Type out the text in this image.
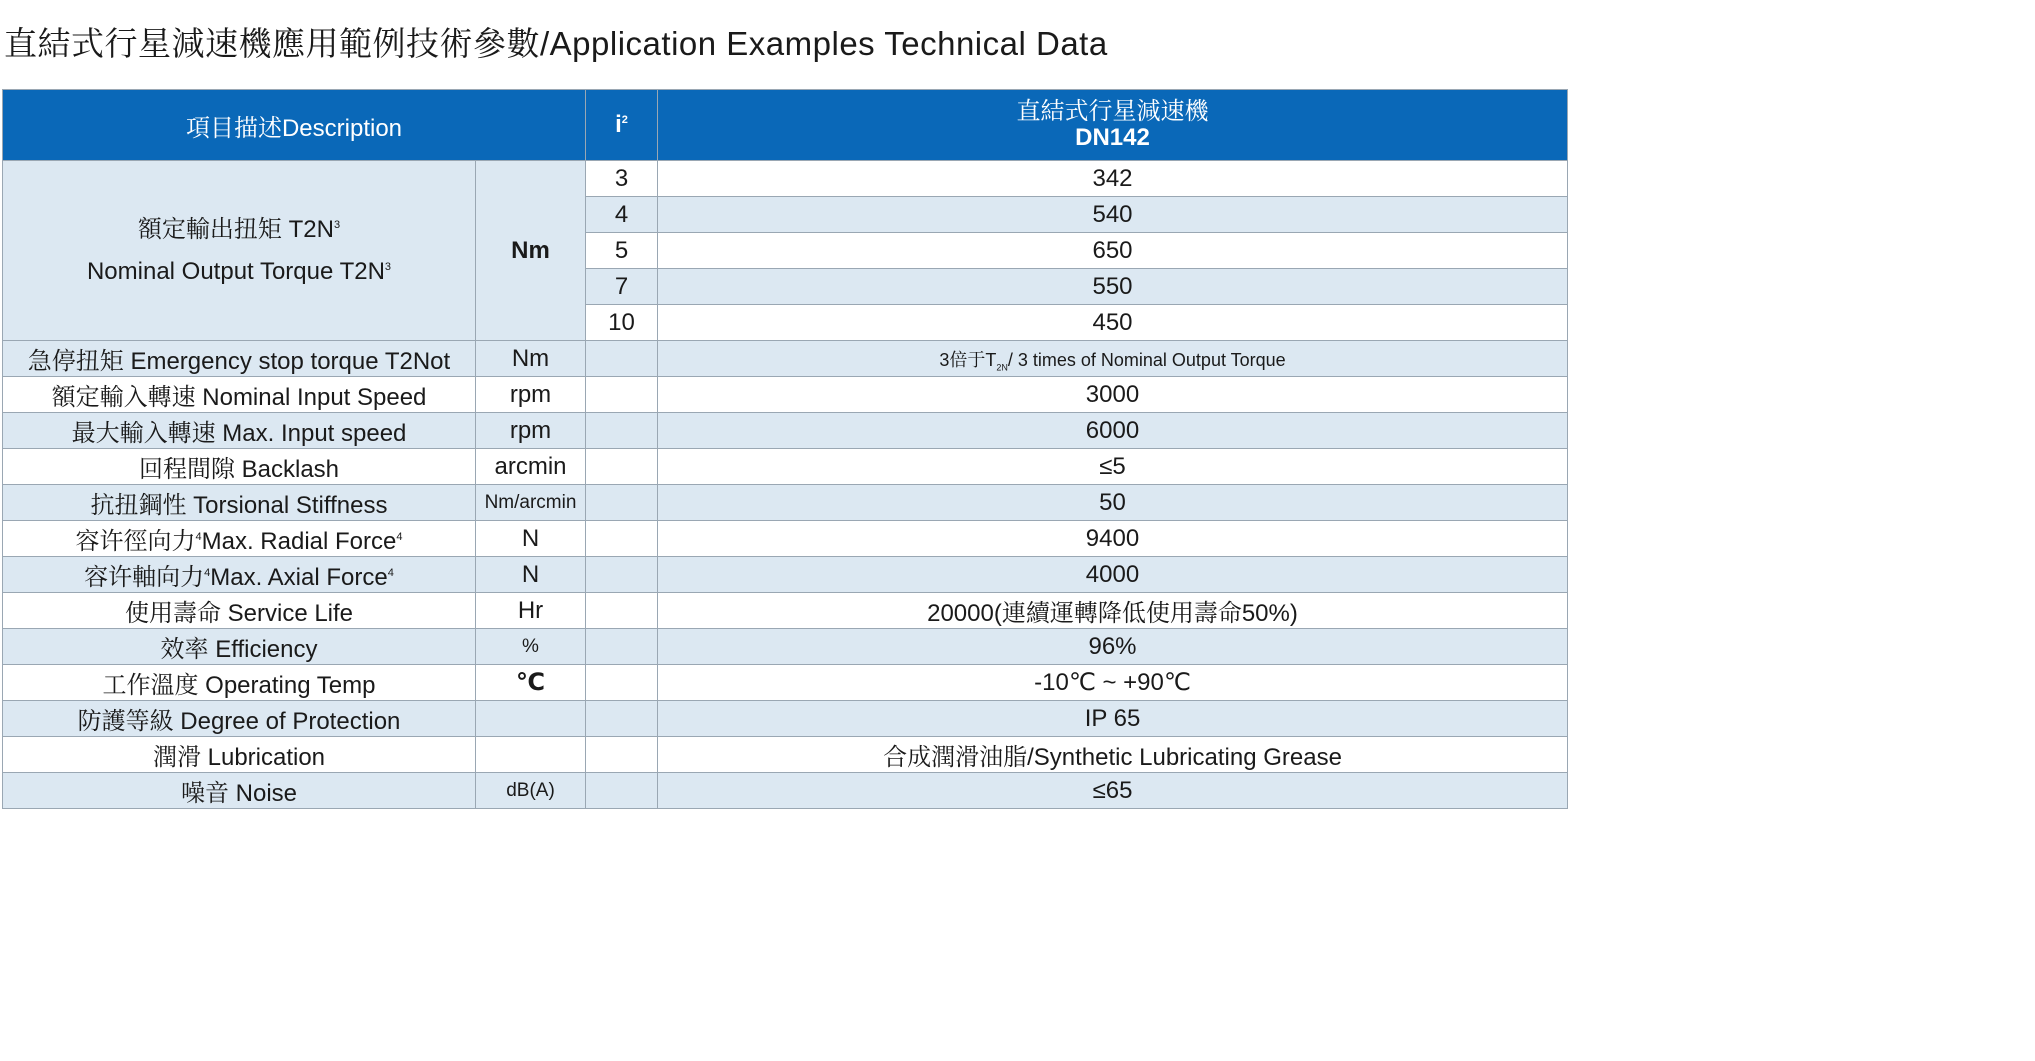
直結式行星減速機應用範例技術參數/Application Examples Technical Data
項目描述Description		$i^2$	直結式行星減速機
DN142

額定輸出扭矩 $T2N^3$
Nominal Output Torque $T2N^3$	Nm	3	342
		4	540
		5	650
		7	550
		10	450
急停扭矩 Emergency stop torque T2Not	Nm		3倍于$T_{2N}/$ 3 times of Nominal Output Torque
額定輸入轉速 Nominal Input Speed	rpm		3000
最大輸入轉速 Max. Input speed	rpm		6000
回程間隙 Backlash	arcmin		≤5
抗扭鋼性 Torsional Stiffness	Nm/arcmin		50
容许徑向力$^4$Max. Radial Force$^4$	N		9400
容许軸向力$^4$Max. Axial Force$^4$	N		4000
使用壽命 Service Life	Hr		20000(連續運轉降低使用壽命50%)
效率 Efficiency	%		96%
工作溫度 Operating Temp	℃		-10℃ ~ +90℃
防護等級 Degree of Protection			IP 65
潤滑 Lubrication			合成潤滑油脂/Synthetic Lubricating Grease
噪音 Noise	dB(A)		≤65
